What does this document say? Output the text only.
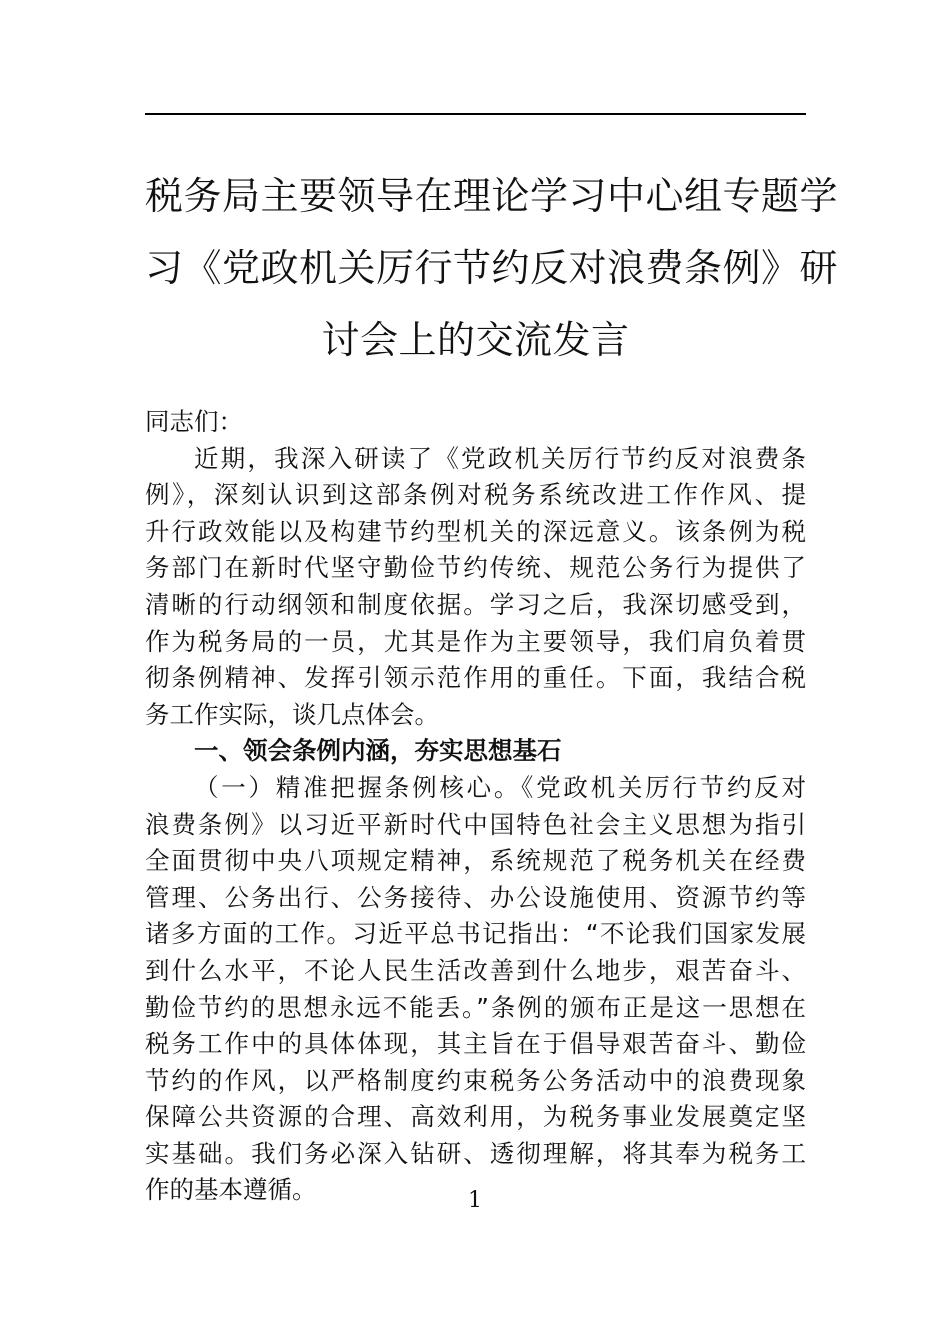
税务局主要领导在理论学习中心组专题学
习《党政机关厉行节约反对浪费条例》研
讨会上的交流发言
同志们：
近期，我深入研读了《党政机关厉行节约反对浪费条
例》，深刻认识到这部条例对税务系统改进工作作风、提
升行政效能以及构建节约型机关的深远意义。该条例为税
务部门在新时代坚守勤俭节约传统、规范公务行为提供了
清晰的行动纲领和制度依据。学习之后，我深切感受到，
作为税务局的一员，尤其是作为主要领导，我们肩负着贯
彻条例精神、发挥引领示范作用的重任。下面，我结合税
务工作实际，谈几点体会。
一、领会条例内涵，夯实思想基石
（一）精准把握条例核心。《党政机关厉行节约反对
浪费条例》以习近平新时代中国特色社会主义思想为指引
全面贯彻中央八项规定精神，系统规范了税务机关在经费
管理、公务出行、公务接待、办公设施使用、资源节约等
诸多方面的工作。习近平总书记指出：“不论我们国家发展
到什么水平，不论人民生活改善到什么地步，艰苦奋斗、
勤俭节约的思想永远不能丢。”条例的颁布正是这一思想在
税务工作中的具体体现，其主旨在于倡导艰苦奋斗、勤俭
节约的作风，以严格制度约束税务公务活动中的浪费现象
保障公共资源的合理、高效利用，为税务事业发展奠定坚
实基础。我们务必深入钻研、透彻理解，将其奉为税务工
作的基本遵循。	1
